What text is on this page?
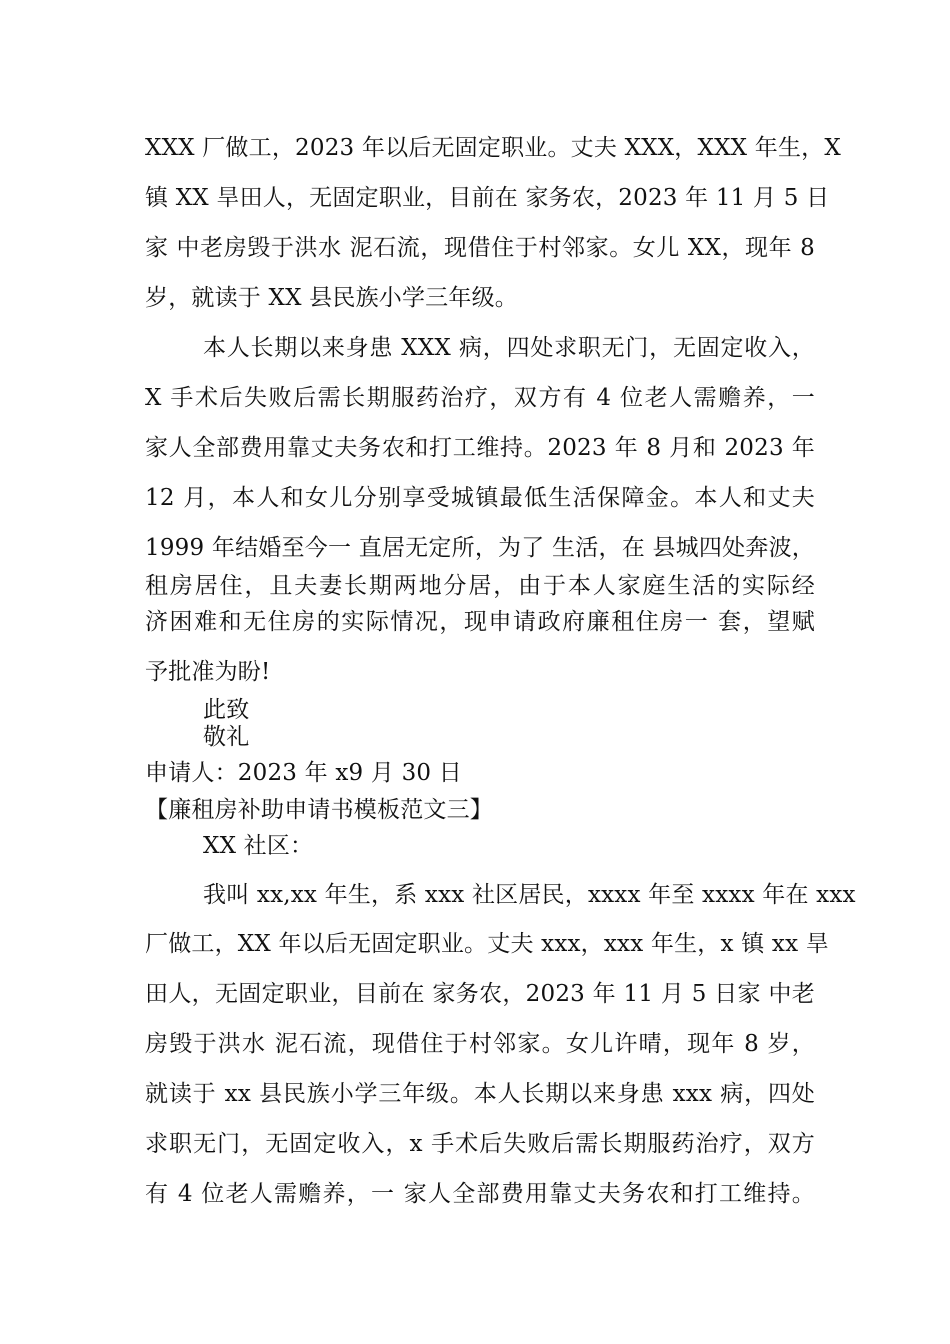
XXX 厂做工，2023 年以后无固定职业。丈夫 XXX，XXX 年生，X
镇 XX 旱田人，无固定职业，目前在 家务农，2023 年 11 月 5 日
家 中老房毁于洪水 泥石流，现借住于村邻家。女儿 XX，现年 8
岁，就读于 XX 县民族小学三年级。
本人长期以来身患 XXX 病，四处求职无门，无固定收入，
X 手术后失败后需长期服药治疗，双方有 4 位老人需赡养，一
家人全部费用靠丈夫务农和打工维持。2023 年 8 月和 2023 年
12 月，本人和女儿分别享受城镇最低生活保障金。本人和丈夫
1999 年结婚至今一 直居无定所，为了 生活，在 县城四处奔波，
租房居住，且夫妻长期两地分居，由于本人家庭生活的实际经
济困难和无住房的实际情况，现申请政府廉租住房一 套，望赋
予批准为盼!
此致
敬礼
申请人：2023 年 x9 月 30 日
【廉租房补助申请书模板范文三】
XX 社区：
我叫 xx,xx 年生，系 xxx 社区居民，xxxx 年至 xxxx 年在 xxx
厂做工，XX 年以后无固定职业。丈夫 xxx，xxx 年生，x 镇 xx 旱
田人，无固定职业，目前在 家务农，2023 年 11 月 5 日家 中老
房毁于洪水 泥石流，现借住于村邻家。女儿许晴，现年 8 岁，
就读于 xx 县民族小学三年级。本人长期以来身患 xxx 病，四处
求职无门，无固定收入，x 手术后失败后需长期服药治疗，双方
有 4 位老人需赡养，一 家人全部费用靠丈夫务农和打工维持。
